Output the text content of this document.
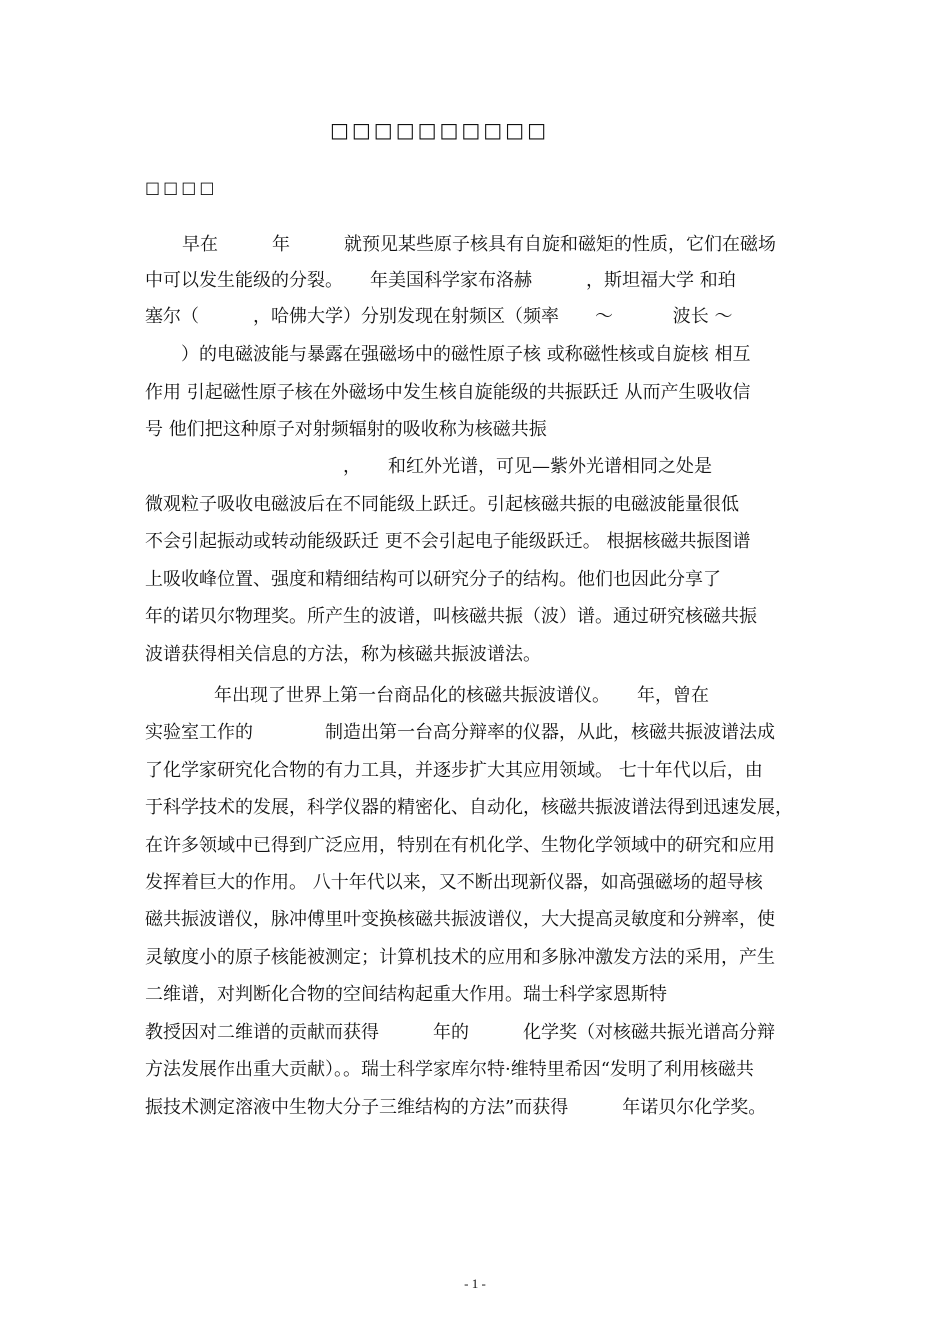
□□□□□□□□□□
□□□□
早在　　　年　　　就预见某些原子核具有自旋和磁矩的性质，它们在磁场
中可以发生能级的分裂。　　年美国科学家布洛赫　　　，斯坦福大学 和珀
塞尔（　　　，哈佛大学）分别发现在射频区（频率　　～　　　 波长 ～
　　）的电磁波能与暴露在强磁场中的磁性原子核 或称磁性核或自旋核 相互
作用 引起磁性原子核在外磁场中发生核自旋能级的共振跃迁 从而产生吸收信
号 他们把这种原子对射频辐射的吸收称为核磁共振
　　　　　　　　　　　，　　和红外光谱，可见—紫外光谱相同之处是
微观粒子吸收电磁波后在不同能级上跃迁。引起核磁共振的电磁波能量很低
不会引起振动或转动能级跃迁 更不会引起电子能级跃迁。 根据核磁共振图谱
上吸收峰位置、强度和精细结构可以研究分子的结构。他们也因此分享了
年的诺贝尔物理奖。所产生的波谱，叫核磁共振（波）谱。通过研究核磁共振
波谱获得相关信息的方法，称为核磁共振波谱法。
　　　年出现了世界上第一台商品化的核磁共振波谱仪。　　年，曾在
实验室工作的　　　　制造出第一台高分辩率的仪器，从此，核磁共振波谱法成
了化学家研究化合物的有力工具，并逐步扩大其应用领域。 七十年代以后，由
于科学技术的发展，科学仪器的精密化、自动化，核磁共振波谱法得到迅速发展，
在许多领域中已得到广泛应用，特别在有机化学、生物化学领域中的研究和应用
发挥着巨大的作用。 八十年代以来，又不断出现新仪器，如高强磁场的超导核
磁共振波谱仪，脉冲傅里叶变换核磁共振波谱仪，大大提高灵敏度和分辨率，使
灵敏度小的原子核能被测定；计算机技术的应用和多脉冲激发方法的采用，产生
二维谱，对判断化合物的空间结构起重大作用。瑞士科学家恩斯特
教授因对二维谱的贡献而获得　　　年的　　　化学奖（对核磁共振光谱高分辩
方法发展作出重大贡献）。。瑞士科学家库尔特·维特里希因“发明了利用核磁共
振技术测定溶液中生物大分子三维结构的方法”而获得　　　年诺贝尔化学奖。
- 1 -
